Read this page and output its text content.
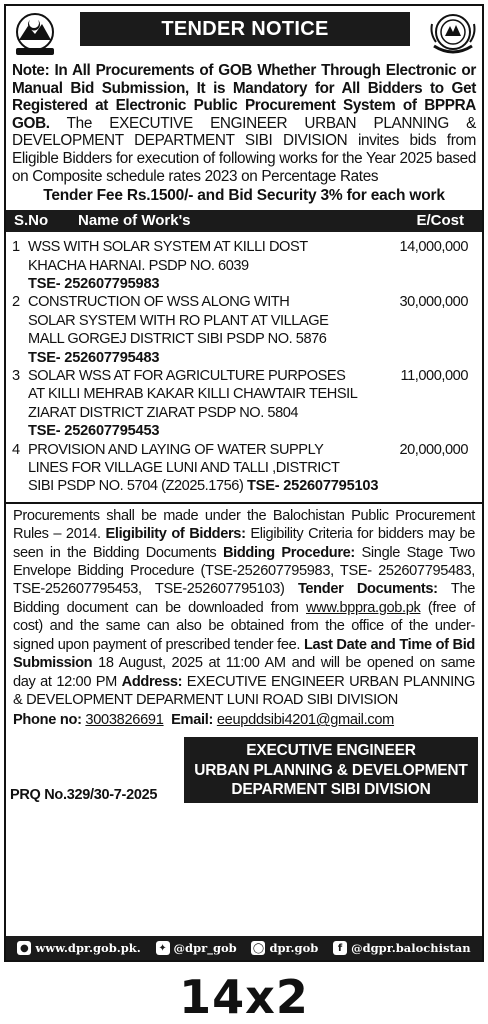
TENDER NOTICE
Note: In All Procurements of GOB Whether Through Electronic or Manual Bid Submission, It is Mandatory for All Bidders to Get Registered at Electronic Public Procurement System of BPPRA GOB. The EXECUTIVE ENGINEER URBAN PLANNING & DEVELOPMENT DEPARTMENT SIBI DIVISION invites bids from Eligible Bidders for execution of following works for the Year 2025 based on Composite schedule rates 2023 on Percentage Rates
Tender Fee Rs.1500/- and Bid Security 3% for each work
S.No Name of Work's	E/Cost
1 WSS WITH SOLAR SYSTEM AT KILLI DOST
KHACHA HARNAI. PSDP NO. 6039
14,000,000
TSE- 252607795983
2 CONSTRUCTION OF WSS ALONG WITH
SOLAR SYSTEM WITH RO PLANT AT VILLAGE
MALL GORGEJ DISTRICT SIBI PSDP NO. 5876
30,000,000
TSE- 252607795483
3 SOLAR WSS AT FOR AGRICULTURE PURPOSES
AT KILLI MEHRAB KAKAR KILLI CHAWTAIR TEHSIL
ZIARAT DISTRICT ZIARAT PSDP NO. 5804
11,000,000
TSE- 252607795453
4 PROVISION AND LAYING OF WATER SUPPLY
LINES FOR VILLAGE LUNI AND TALLI ,DISTRICT
SIBI PSDP NO. 5704 (Z2025.1756) TSE- 252607795103
20,000,000
Procurements shall be made under the Balochistan Public Procurement Rules – 2014. Eligibility of Bidders: Eligibility Criteria for bidders may be seen in the Bidding Documents Bidding Procedure: Single Stage Two Envelope Bidding Procedure (TSE-252607795983, TSE- 252607795483, TSE-252607795453, TSE-252607795103) Tender Documents: The Bidding document can be downloaded from www.bppra.gob.pk (free of cost) and the same can also be obtained from the office of the under-signed upon payment of prescribed tender fee. Last Date and Time of Bid Submission 18 August, 2025 at 11:00 AM and will be opened on same day at 12:00 PM Address: EXECUTIVE ENGINEER URBAN PLANNING & DEVELOPMENT DEPARMENT LUNI ROAD SIBI DIVISION
Phone no: 3003826691 Email: eeupddsibi4201@gmail.com
PRQ No.329/30-7-2025
EXECUTIVE ENGINEER
URBAN PLANNING & DEVELOPMENT
DEPARMENT SIBI DIVISION
● www.dpr.gob.pk. ✦ @dpr_gob ◯ dpr.gob	f @dgpr.balochistan
14x2
